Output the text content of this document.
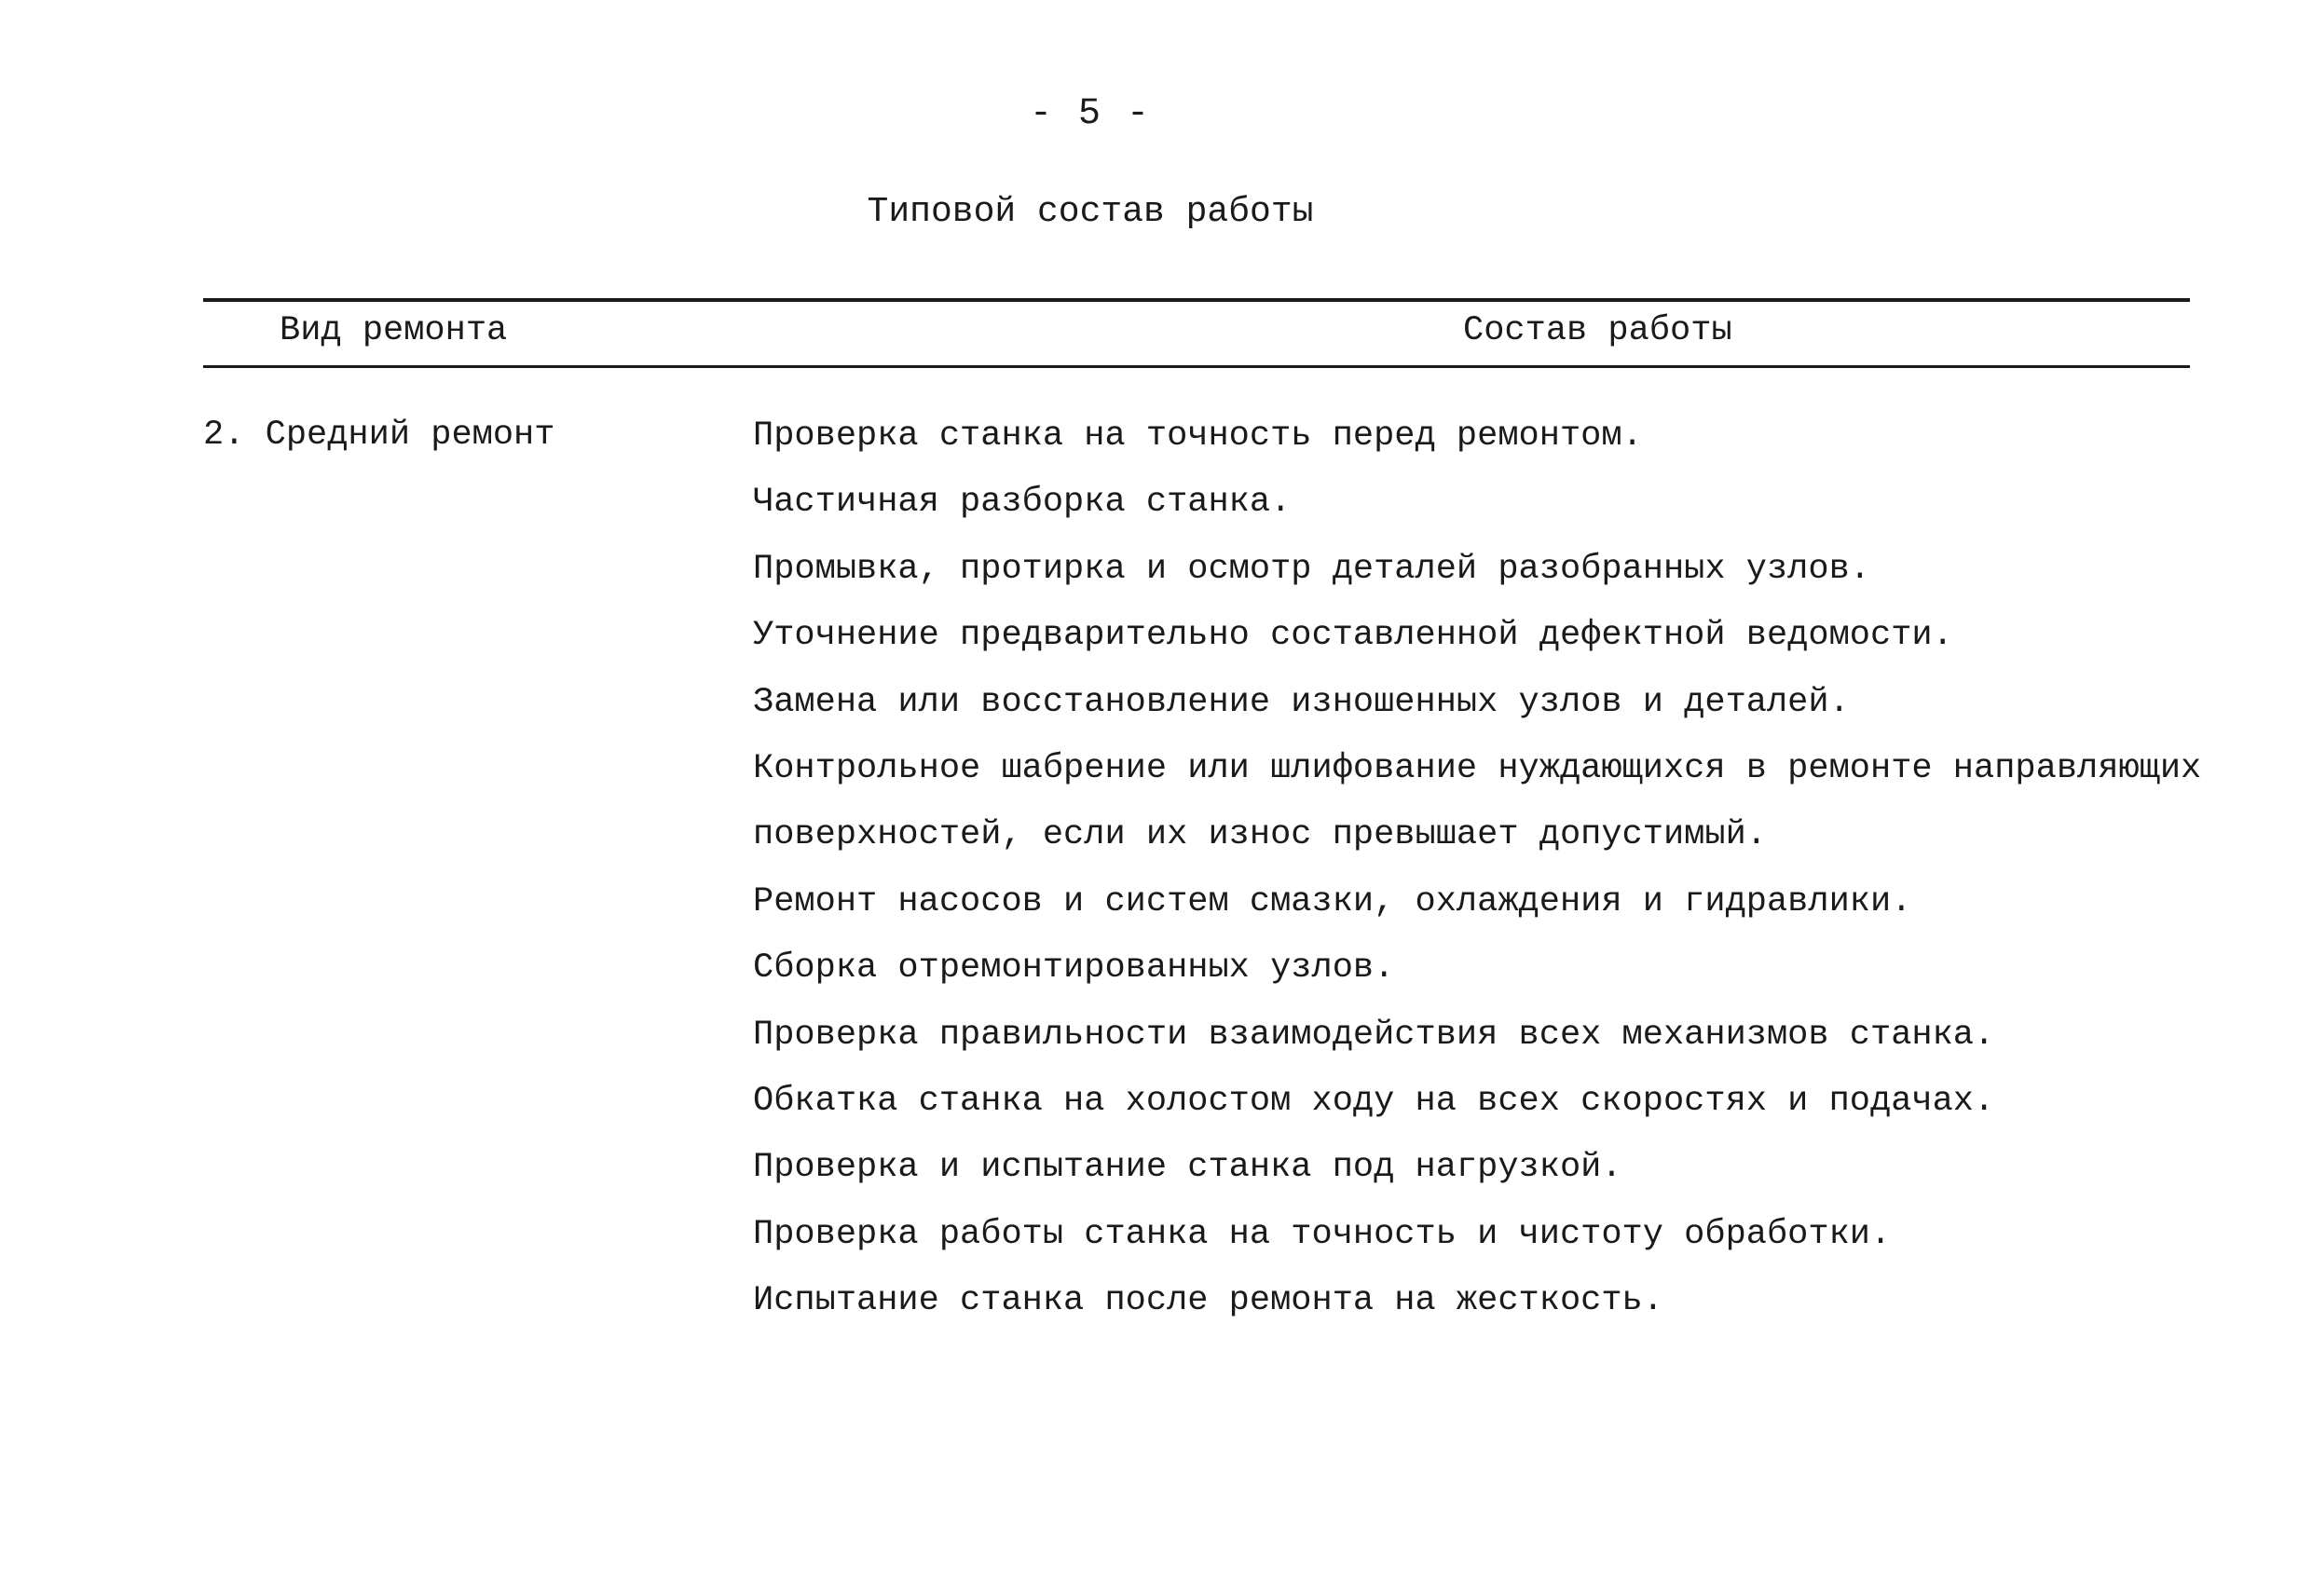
- 5 -
Типовой состав работы
Вид ремонта	Состав работы
2. Средний ремонт	Проверка станка на точность перед ремонтом.
Частичная разборка станка.
Промывка, протирка и осмотр деталей разобранных узлов.
Уточнение предварительно составленной дефектной ведомости.
Замена или восстановление изношенных узлов и деталей.
Контрольное шабрение или шлифование нуждающихся в ремонте направляющих
поверхностей, если их износ превышает допустимый.
Ремонт насосов и систем смазки, охлаждения и гидравлики.
Сборка отремонтированных узлов.
Проверка правильности взаимодействия всех механизмов станка.
Обкатка станка на холостом ходу на всех скоростях и подачах.
Проверка и испытание станка под нагрузкой.
Проверка работы станка на точность и чистоту обработки.
Испытание станка после ремонта на жесткость.
